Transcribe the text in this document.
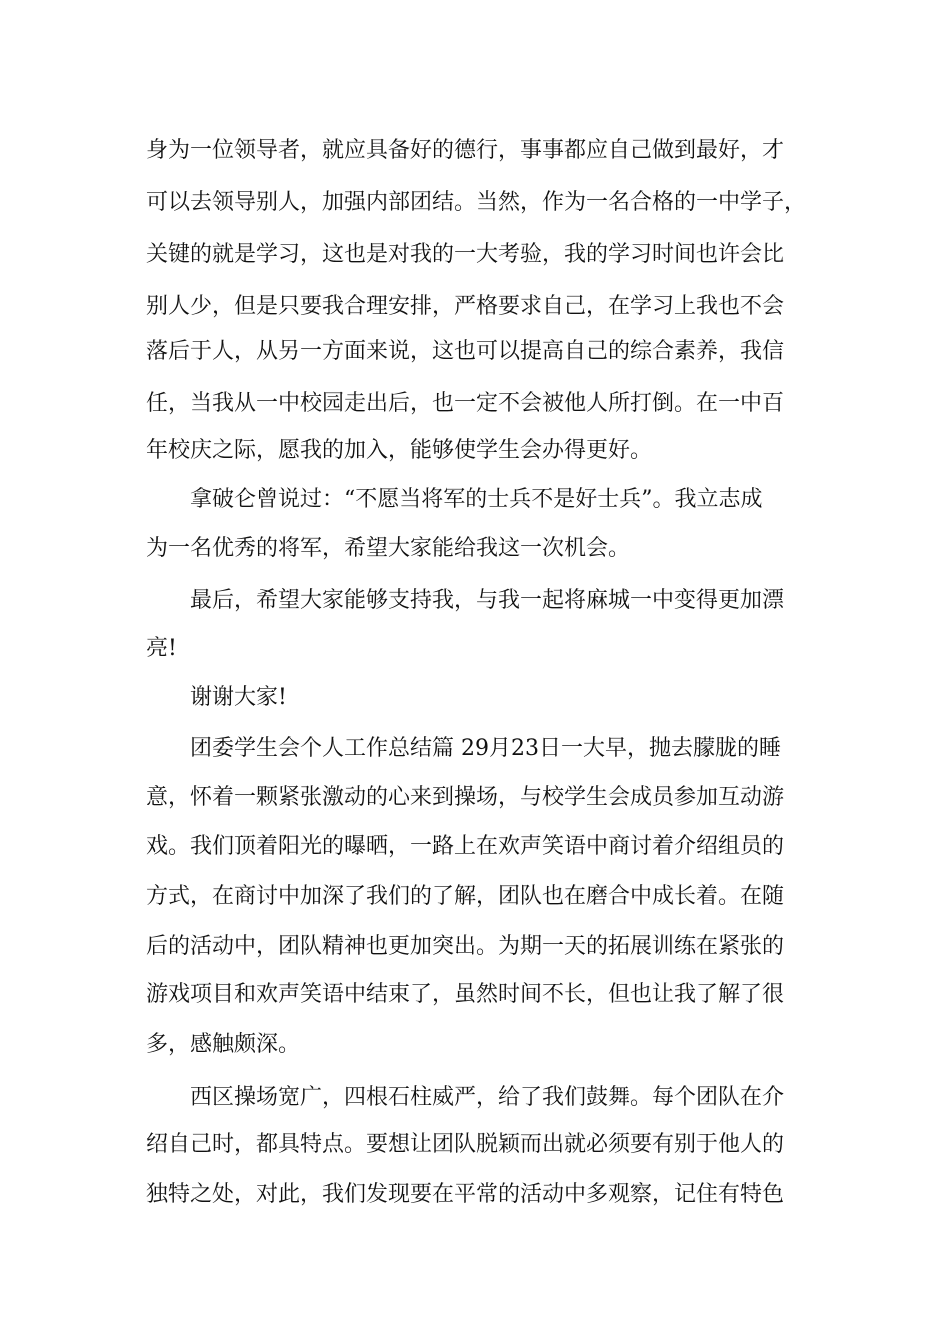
身为一位领导者，就应具备好的德行，事事都应自己做到最好，才
可以去领导别人，加强内部团结。当然，作为一名合格的一中学子，
关键的就是学习，这也是对我的一大考验，我的学习时间也许会比
别人少，但是只要我合理安排，严格要求自己，在学习上我也不会
落后于人，从另一方面来说，这也可以提高自己的综合素养，我信
任，当我从一中校园走出后，也一定不会被他人所打倒。在一中百
年校庆之际，愿我的加入，能够使学生会办得更好。
拿破仑曾说过：“不愿当将军的士兵不是好士兵”。我立志成
为一名优秀的将军，希望大家能给我这一次机会。
最后，希望大家能够支持我，与我一起将麻城一中变得更加漂
亮!
谢谢大家!
团委学生会个人工作总结篇 29月23日一大早，抛去朦胧的睡
意，怀着一颗紧张激动的心来到操场，与校学生会成员参加互动游
戏。我们顶着阳光的曝晒，一路上在欢声笑语中商讨着介绍组员的
方式，在商讨中加深了我们的了解，团队也在磨合中成长着。在随
后的活动中，团队精神也更加突出。为期一天的拓展训练在紧张的
游戏项目和欢声笑语中结束了，虽然时间不长，但也让我了解了很
多，感触颇深。
西区操场宽广，四根石柱威严，给了我们鼓舞。每个团队在介
绍自己时，都具特点。要想让团队脱颖而出就必须要有别于他人的
独特之处，对此，我们发现要在平常的活动中多观察，记住有特色
